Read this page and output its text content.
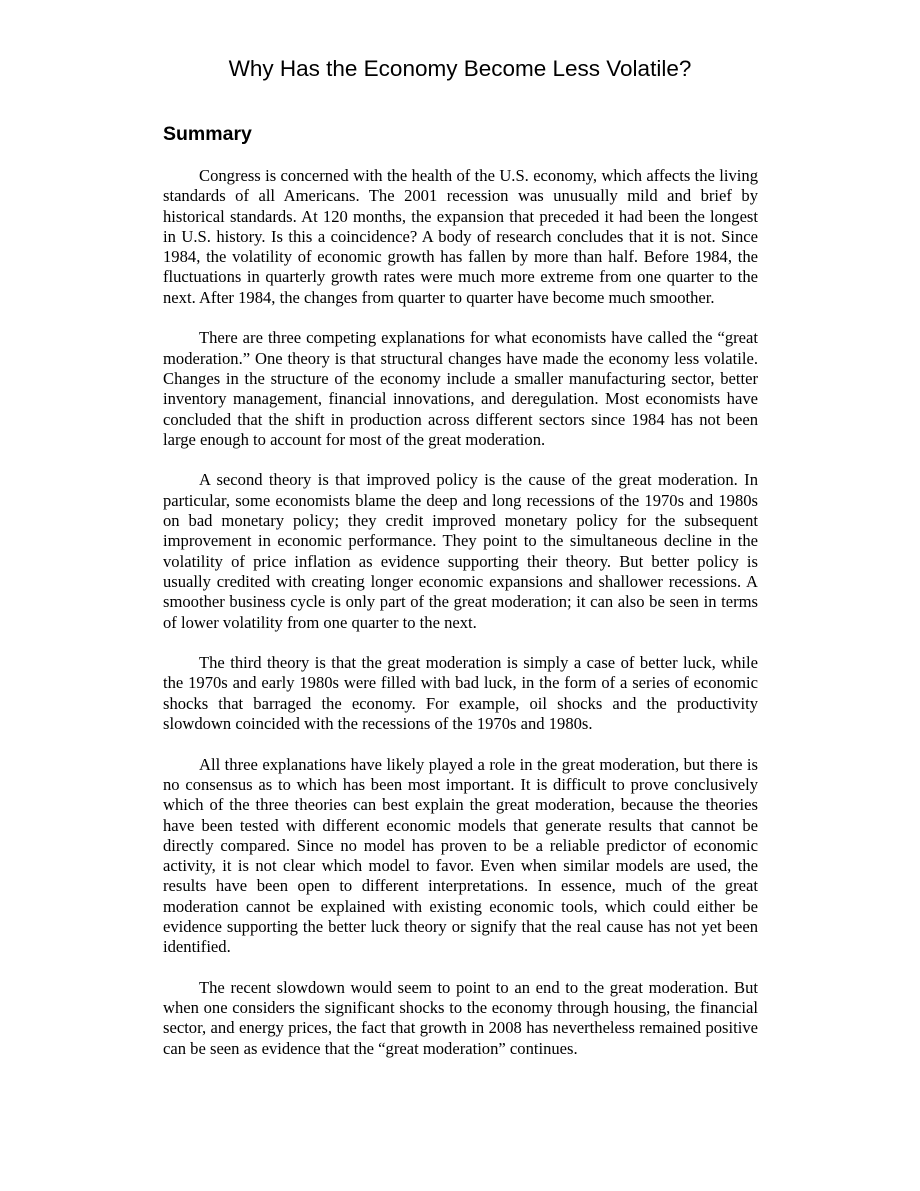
Why Has the Economy Become Less Volatile?
Summary

Congress is concerned with the health of the U.S. economy, which affects the living standards of all Americans. The 2001 recession was unusually mild and brief by historical standards. At 120 months, the expansion that preceded it had been the longest in U.S. history. Is this a coincidence? A body of research concludes that it is not. Since 1984, the volatility of economic growth has fallen by more than half. Before 1984, the fluctuations in quarterly growth rates were much more extreme from one quarter to the next. After 1984, the changes from quarter to quarter have become much smoother.

There are three competing explanations for what economists have called the “great moderation.” One theory is that structural changes have made the economy less volatile. Changes in the structure of the economy include a smaller manufacturing sector, better inventory management, financial innovations, and deregulation. Most economists have concluded that the shift in production across different sectors since 1984 has not been large enough to account for most of the great moderation.

A second theory is that improved policy is the cause of the great moderation. In particular, some economists blame the deep and long recessions of the 1970s and 1980s on bad monetary policy; they credit improved monetary policy for the subsequent improvement in economic performance. They point to the simultaneous decline in the volatility of price inflation as evidence supporting their theory. But better policy is usually credited with creating longer economic expansions and shallower recessions. A smoother business cycle is only part of the great moderation; it can also be seen in terms of lower volatility from one quarter to the next.

The third theory is that the great moderation is simply a case of better luck, while the 1970s and early 1980s were filled with bad luck, in the form of a series of economic shocks that barraged the economy. For example, oil shocks and the productivity slowdown coincided with the recessions of the 1970s and 1980s.

All three explanations have likely played a role in the great moderation, but there is no consensus as to which has been most important. It is difficult to prove conclusively which of the three theories can best explain the great moderation, because the theories have been tested with different economic models that generate results that cannot be directly compared. Since no model has proven to be a reliable predictor of economic activity, it is not clear which model to favor. Even when similar models are used, the results have been open to different interpretations. In essence, much of the great moderation cannot be explained with existing economic tools, which could either be evidence supporting the better luck theory or signify that the real cause has not yet been identified.

The recent slowdown would seem to point to an end to the great moderation. But when one considers the significant shocks to the economy through housing, the financial sector, and energy prices, the fact that growth in 2008 has nevertheless remained positive can be seen as evidence that the “great moderation” continues.
